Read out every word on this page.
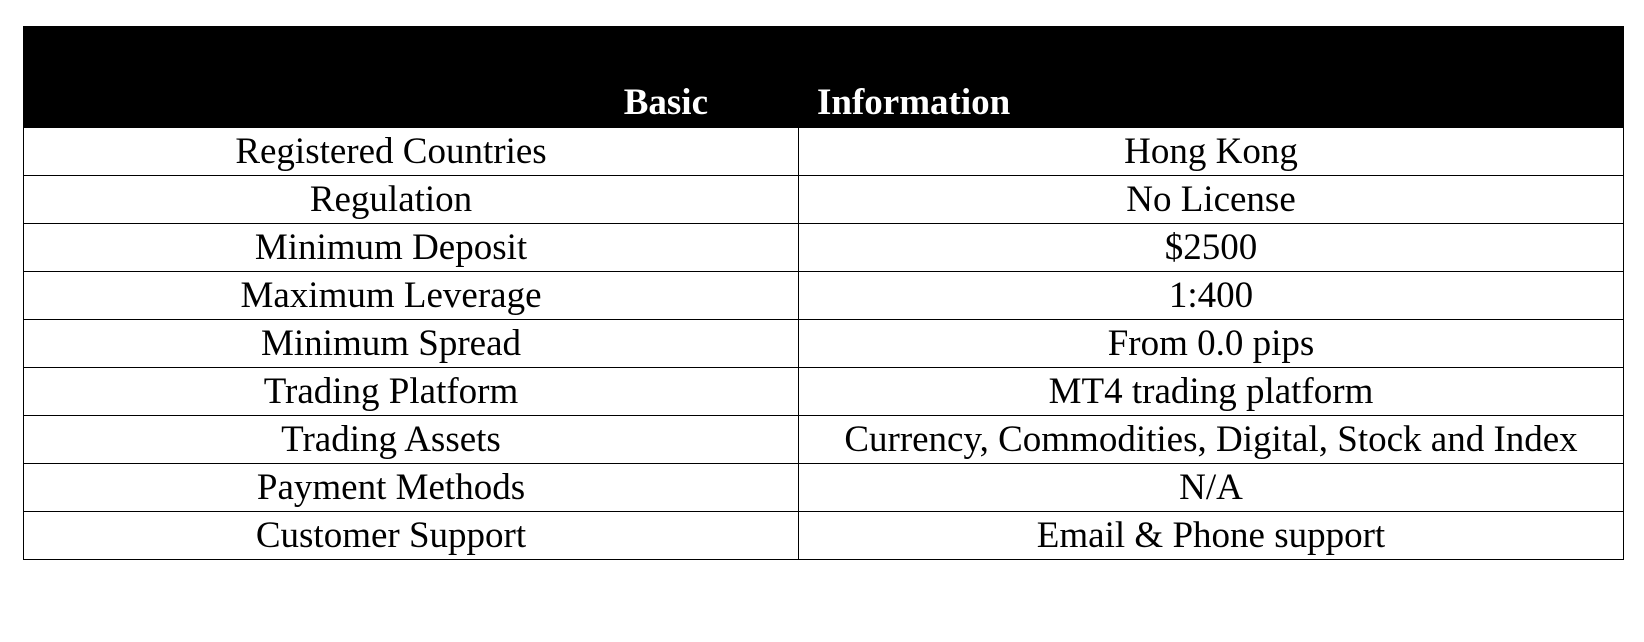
Basic	Information
Registered Countries	Hong Kong
Regulation	No License
Minimum Deposit	$2500
Maximum Leverage	1:400
Minimum Spread	From 0.0 pips
Trading Platform	MT4 trading platform
Trading Assets	Currency, Commodities, Digital, Stock and Index
Payment Methods	N/A
Customer Support	Email & Phone support
